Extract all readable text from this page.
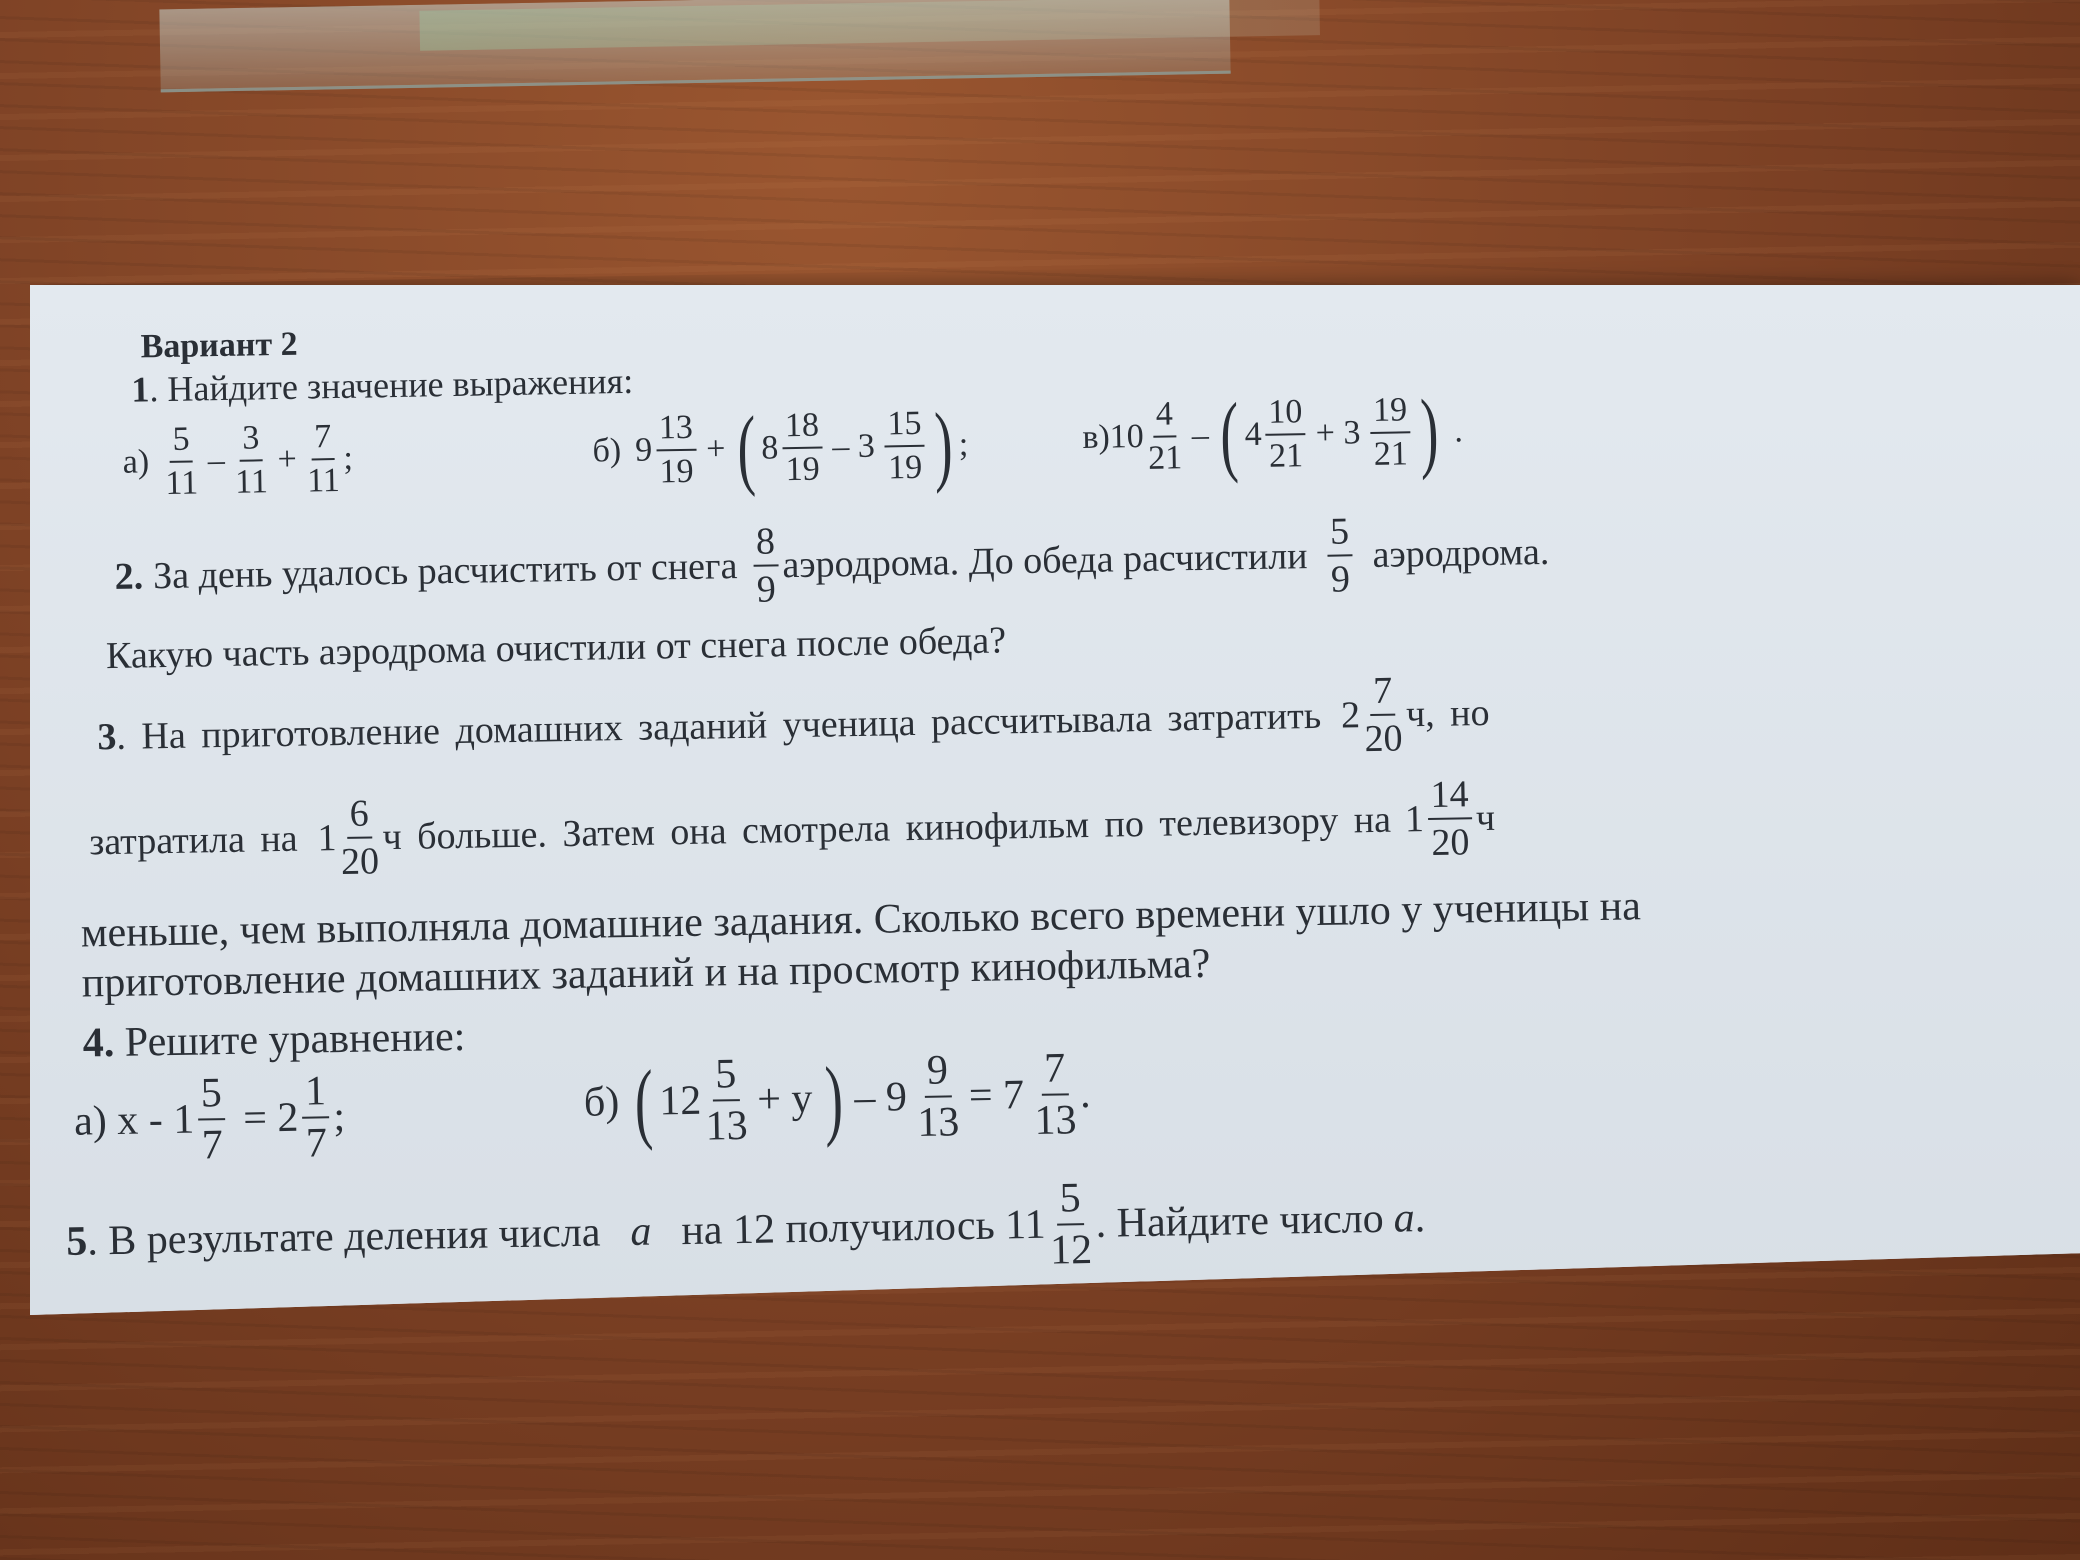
Вариант 2
1. Найдите значение выражения:
$а) \frac{5}{11} - \frac{3}{11} + \frac{7}{11}$ ;	б) $9 \frac{13}{19}$ + ( $8 \frac{18}{19} - 3 \frac{15}{19}$ ) ;	$в)10 \frac{4}{21}$ – ( $4 \frac{10}{21} + 3 \frac{19}{21}$ ) .
2. За день удалось расчистить от снега $\frac{8}{9}$ аэродрома. До обеда расчистили $\frac{5}{9}$ аэродрома.
Какую часть аэродрома очистили от снега после обеда?
3 . На приготовление домашних заданий ученица рассчитывала затратить $2 \frac{7}{20} ч$, но
затратила на $1 \frac{6}{20}$ ч больше. Затем она смотрела кинофильм по телевизору на $1 \frac{14}{20}$ ч
меньше, чем выполняла домашние задания. Сколько всего времени ушло у ученицы на
приготовление домашних заданий и на просмотр кинофильма?
4. Решите уравнение:
а) $x - 1 \frac{5}{7} = 2 \frac{1}{7}$ ;	б) ( $12 \frac{5}{13} + y$ ) – $9 \frac{9}{13} = 7 \frac{7}{13}$ .
5 . В результате деления числа a на 12 получилось $11 \frac{5}{12}$ . Найдите число a .
